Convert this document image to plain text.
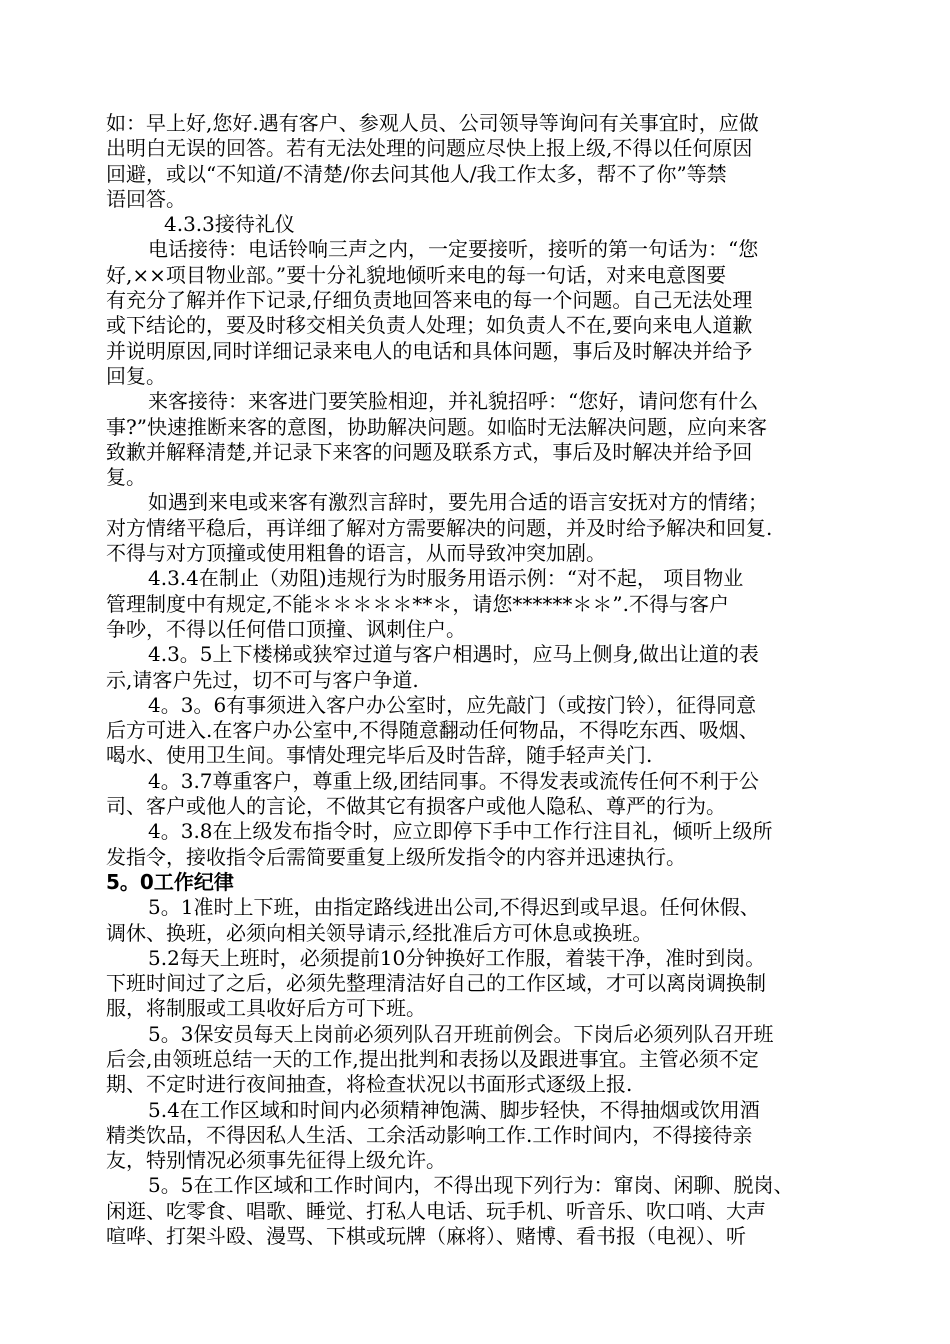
如：早上好,您好.遇有客户、参观人员、公司领导等询问有关事宜时，应做
出明白无误的回答。若有无法处理的问题应尽快上报上级,不得以任何原因
回避，或以“不知道/不清楚/你去问其他人/我工作太多，帮不了你”等禁
语回答。
4.3.3接待礼仪
电话接待：电话铃响三声之内，一定要接听，接听的第一句话为：“您
好,××项目物业部。”要十分礼貌地倾听来电的每一句话，对来电意图要
有充分了解并作下记录,仔细负责地回答来电的每一个问题。自己无法处理
或下结论的，要及时移交相关负责人处理；如负责人不在,要向来电人道歉
并说明原因,同时详细记录来电人的电话和具体问题，事后及时解决并给予
回复。
来客接待：来客进门要笑脸相迎，并礼貌招呼：“您好，请问您有什么
事?”快速推断来客的意图，协助解决问题。如临时无法解决问题，应向来客
致歉并解释清楚,并记录下来客的问题及联系方式，事后及时解决并给予回
复。
如遇到来电或来客有激烈言辞时，要先用合适的语言安抚对方的情绪；
对方情绪平稳后，再详细了解对方需要解决的问题，并及时给予解决和回复.
不得与对方顶撞或使用粗鲁的语言，从而导致冲突加剧。
4.3.4在制止（劝阻)违规行为时服务用语示例：“对不起， 项目物业
管理制度中有规定,不能＊＊＊＊＊**＊，请您******＊＊”.不得与客户
争吵，不得以任何借口顶撞、讽刺住户。
4.3。5上下楼梯或狭窄过道与客户相遇时，应马上侧身,做出让道的表
示,请客户先过，切不可与客户争道.
4。3。6有事须进入客户办公室时，应先敲门（或按门铃），征得同意
后方可进入.在客户办公室中,不得随意翻动任何物品，不得吃东西、吸烟、
喝水、使用卫生间。事情处理完毕后及时告辞，随手轻声关门.
4。3.7尊重客户，尊重上级,团结同事。不得发表或流传任何不利于公
司、客户或他人的言论，不做其它有损客户或他人隐私、尊严的行为。
4。3.8在上级发布指令时，应立即停下手中工作行注目礼，倾听上级所
发指令，接收指令后需简要重复上级所发指令的内容并迅速执行。
5。0工作纪律
5。1准时上下班，由指定路线进出公司,不得迟到或早退。任何休假、
调休、换班，必须向相关领导请示,经批准后方可休息或换班。
5.2每天上班时，必须提前10分钟换好工作服，着装干净，准时到岗。
下班时间过了之后，必须先整理清洁好自己的工作区域，才可以离岗调换制
服，将制服或工具收好后方可下班。
5。3保安员每天上岗前必须列队召开班前例会。下岗后必须列队召开班
后会,由领班总结一天的工作,提出批判和表扬以及跟进事宜。主管必须不定
期、不定时进行夜间抽查，将检查状况以书面形式逐级上报.
5.4在工作区域和时间内必须精神饱满、脚步轻快，不得抽烟或饮用酒
精类饮品，不得因私人生活、工余活动影响工作.工作时间内，不得接待亲
友，特别情况必须事先征得上级允许。
5。5在工作区域和工作时间内，不得出现下列行为：窜岗、闲聊、脱岗、
闲逛、吃零食、唱歌、睡觉、打私人电话、玩手机、听音乐、吹口哨、大声
喧哗、打架斗殴、漫骂、下棋或玩牌（麻将）、赌博、看书报（电视）、听
